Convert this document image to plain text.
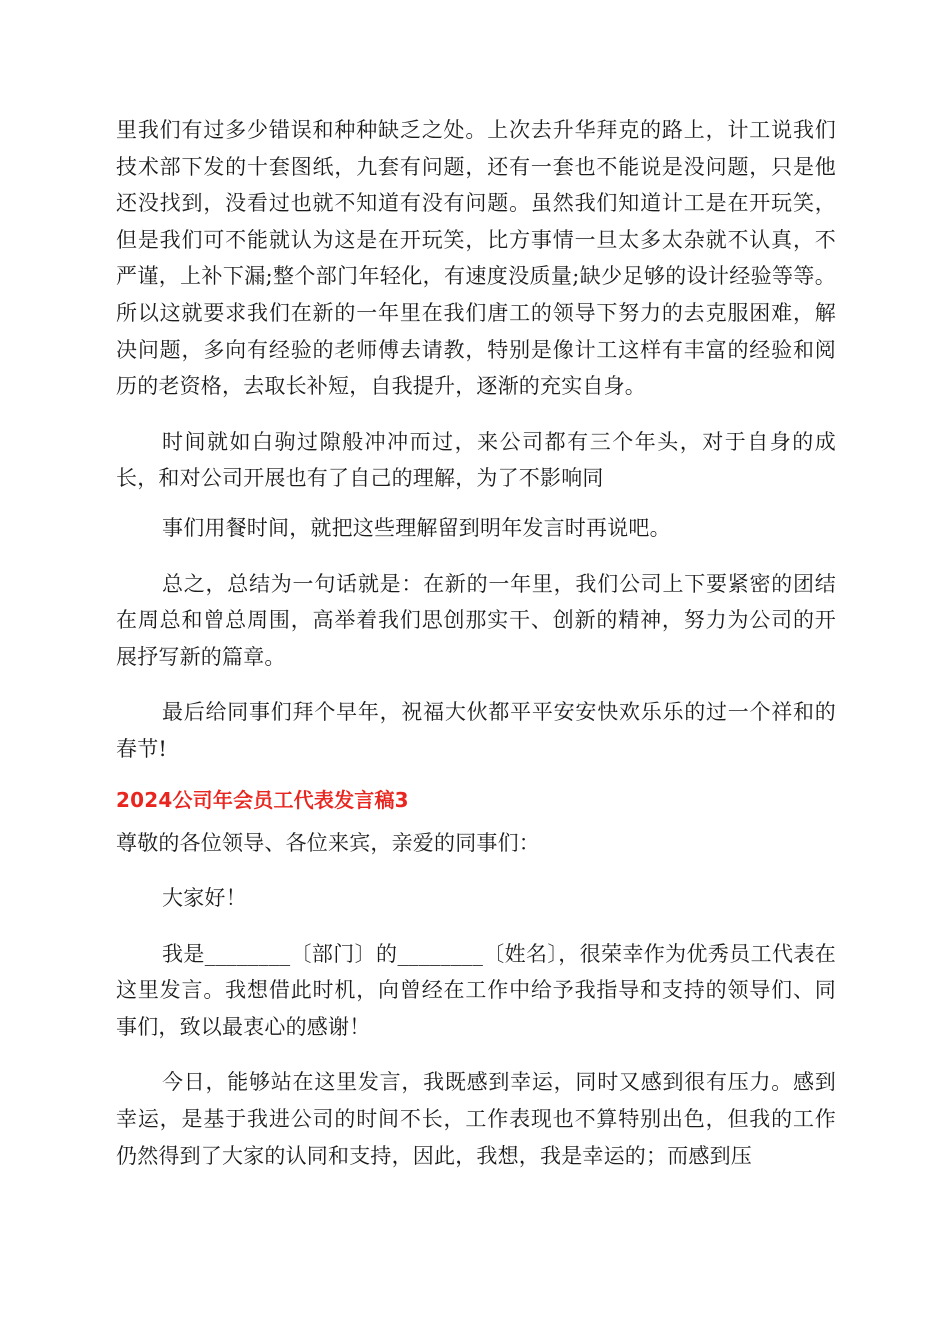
里我们有过多少错误和种种缺乏之处。上次去升华拜克的路上，计工说我们技术部下发的十套图纸，九套有问题，还有一套也不能说是没问题，只是他还没找到，没看过也就不知道有没有问题。虽然我们知道计工是在开玩笑，但是我们可不能就认为这是在开玩笑，比方事情一旦太多太杂就不认真，不严谨，上补下漏;整个部门年轻化，有速度没质量;缺少足够的设计经验等等。所以这就要求我们在新的一年里在我们唐工的领导下努力的去克服困难，解决问题，多向有经验的老师傅去请教，特别是像计工这样有丰富的经验和阅历的老资格，去取长补短，自我提升，逐渐的充实自身。

时间就如白驹过隙般冲冲而过，来公司都有三个年头，对于自身的成长，和对公司开展也有了自己的理解，为了不影响同

事们用餐时间，就把这些理解留到明年发言时再说吧。

总之，总结为一句话就是：在新的一年里，我们公司上下要紧密的团结在周总和曾总周围，高举着我们思创那实干、创新的精神，努力为公司的开展抒写新的篇章。

最后给同事们拜个早年，祝福大伙都平平安安快欢乐乐的过一个祥和的春节!

2024公司年会员工代表发言稿3

尊敬的各位领导、各位来宾，亲爱的同事们：

大家好！

我是________〔部门〕的________〔姓名〕，很荣幸作为优秀员工代表在这里发言。我想借此时机，向曾经在工作中给予我指导和支持的领导们、同事们，致以最衷心的感谢！

今日，能够站在这里发言，我既感到幸运，同时又感到很有压力。感到幸运，是基于我进公司的时间不长，工作表现也不算特别出色，但我的工作仍然得到了大家的认同和支持，因此，我想，我是幸运的；而感到压
